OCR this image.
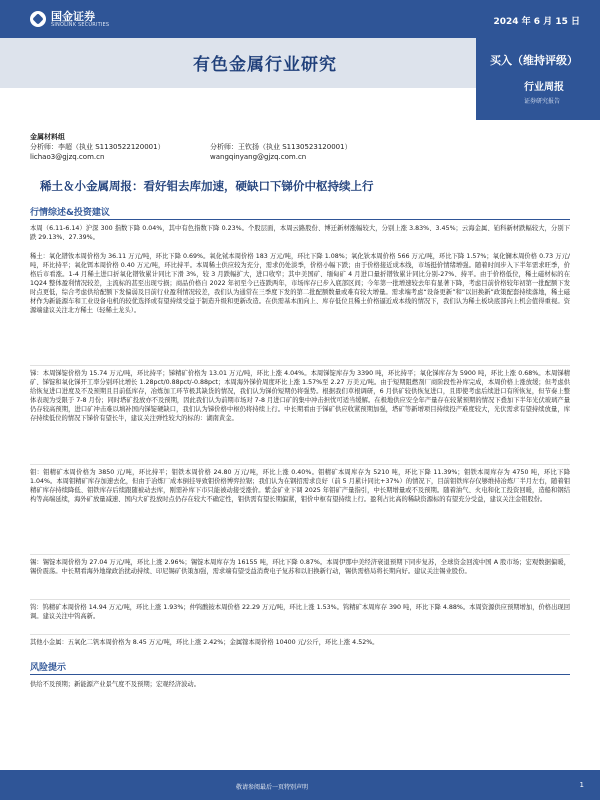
国金证券
SINOLINK SECURITIES	2024 年 6 月 15 日
有色金属行业研究	买入（维持评级）
行业周报
证券研究报告
金属材料组
分析师：李超（执业 S1130522120001）
lichao3@gjzq.com.cn
分析师：王钦扬（执业 S1130523120001）
wangqinyang@gjzq.com.cn
稀土＆小金属周报：看好钼去库加速，硬缺口下锑价中枢持续上行
行情综述&投资建议
本周（6.11-6.14）沪深 300 指数下降 0.04%，其中有色指数下降 0.23%。个股层面，本周云路股份、博迁新材涨幅较大，分别上涨 3.83%、3.45%；云海金属、铂科新材跌幅较大，分别下跌 29.13%、27.39%。
稀土：氧化镨钕本周价格为 36.11 万元/吨，环比下降 0.69%。氧化铽本周价格 183 万元/吨，环比下降 1.08%；氧化钬本周价格 566 万元/吨，环比下降 1.57%；氧化镧本周价格 0.73 万元/吨，环比持平；氧化铒本周价格 0.40 万元/吨，环比持平。本周稀土供应较为充分，需求仍处淡季，价格小幅下跌；由于价格接近成本线，市场挺价情绪增强。随着时间步入下半年需求旺季，价格后市看涨。1-4 月稀土进口折氧化镨钕累计同比下滑 3%，较 3 月跌幅扩大，进口收窄；其中美国矿、缅甸矿 4 月进口量折镨钕累计同比分别-27%、持平。由于价格低位，稀土磁材标的在 1Q24 整体盈利情况较差，主流标的甚至出现亏损；商品价格自 2022 年初至今已连跌两年，市场库存已步入底部区间；今年第一批增速较去年有显著下降，考虑目前价格较年初第一批配额下发时点更低，综合考虑供给配额下发偏弱及目前行业盈利情况较差，我们认为通常在三季度下发的第二批配额数量或难有较大增量。需求端考虑“设备更新”和“以旧换新”政策配套持续落地，稀土磁材作为新能源车和工业设备电机的较优选择或有望持续受益于制造升级和更新改造。在供需基本面向上、库存低位且稀土价格逼近成本线的情况下，我们认为稀土板块底部向上机会值得重视。资源端建议关注北方稀土（轻稀土龙头）。
锑：本周锑锭价格为 15.74 万元/吨，环比持平；锑精矿价格为 13.01 万元/吨，环比上涨 4.04%。本周锑锭库存为 3390 吨，环比持平；氧化锑库存为 5900 吨，环比上涨 0.68%。本周锑精矿、锑锭和氧化锑开工率分别环比增长 1.28pct/0.88pct/-0.88pct；本周海外锑价周度环比上涨 1.57%至 2.27 万美元/吨。由于短期阻燃剂厂商阶段性补库完成，本周价格上涨放缓；但考虑供给恢复进口进度及不及预期且目前低库存，冶炼加工环节极其缺货的情况，我们认为锑价短期仍将强势。根据我们草根调研，6 月供矿较供恢复进口，且即使考虑后续进口有所恢复，但节奏上整体表现为受限于 7-8 月份；同时塔矿投放亦不及预期，因此我们认为前期市场对 7-8 月进口矿的集中冲击担忧可适当缓解。在极地供应安全年产量存在较紧预期的情况下叠加下半年光伏玻璃产量仍存较高预期，进口矿冲击难以填补国内锑锭硬缺口，我们认为锑价格中枢仍将持续上行。中长期看由于锑矿供应收紧预期加强，塔矿等新增项目持续投产难度较大，光伏需求有望持续放量，库存持续低位的情况下锑价有望长牛，建议关注弹性较大的标的：湖南黄金。
钼：钼精矿本周价格为 3850 元/吨，环比持平；钼铁本周价格 24.80 万元/吨，环比上涨 0.40%。钼精矿本周库存为 5210 吨，环比下降 11.39%；钼铁本周库存为 4750 吨，环比下降 1.04%。本周钼精矿库存加速去化，但由于冶炼厂成本倒挂导致钼价格博弈拉锯；我们认为在钢招需求良好（前 5 月累计同比+37%）的情况下，目前钼铁库存仅够维持冶炼厂半月左右，随着钼精矿库存持续降低、钼铁库存后续跟随被动去库，刚需补库下市只能被动接受涨价。紫金矿业下调 2025 年钼矿产量指引，中长期增量或不及预期。随着油气、火电和化工投资回暖，造船和钢结构等高端延续，海外矿放量减速、国内大矿投放时点仍存在较大不确定性，钼供需有望长期偏紧，钼价中枢有望持续上行。盈利占比高的稀缺资源标的有望充分受益，建议关注金钼股份。
锡：锡锭本周价格为 27.04 万元/吨，环比上涨 2.96%；锡锭本周库存为 16155 吨，环比下降 0.87%。本周伊那中美经济衰退预期下同步复苏，全球资金回流中国 A 股市场；宏观数据偏暖，锡价震荡。中长期看海外地缘政治扰动持续、印尼锡矿供策加强，需求端有望受益消费电子复苏和以旧换新行动，锡供需格局将长期向好。建议关注锡业股份。
钨：钨精矿本周价格 14.94 万元/吨，环比上涨 1.93%；仲钨酸铵本周价格 22.29 万元/吨，环比上涨 1.53%。钨精矿本周库存 390 吨，环比下降 4.88%。本周资源供应预期增加，价格出现回调。建议关注中钨高新。
其他小金属：五氧化二钒本周价格为 8.45 万元/吨，环比上涨 2.42%；金属镓本周价格 10400 元/公斤，环比上涨 4.52%。
风险提示
供给不及预期；新能源产业景气度不及预期；宏观经济波动。
敬请参阅最后一页特别声明	1
